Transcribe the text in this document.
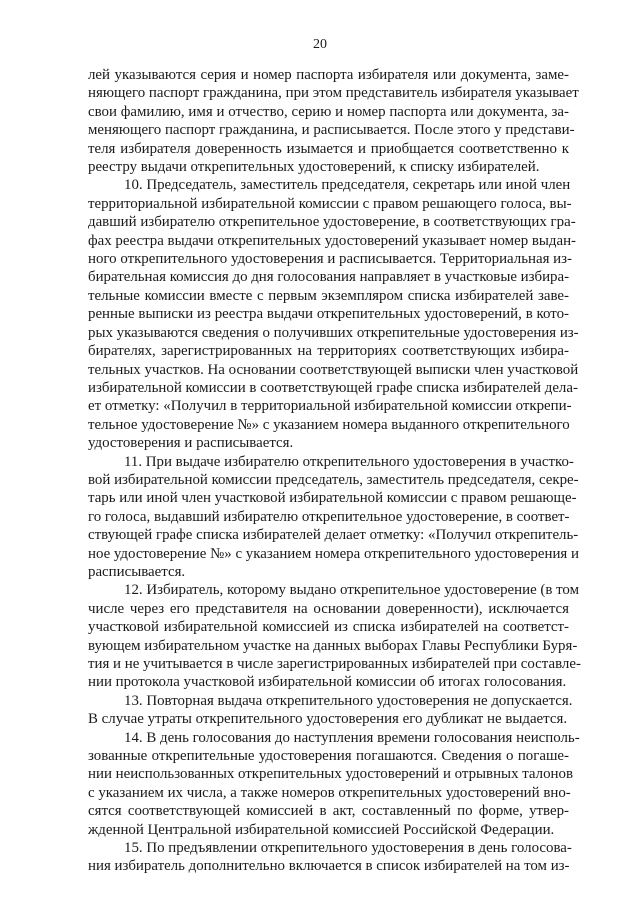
20
лей указываются серия и номер паспорта избирателя или документа, заме-
няющего паспорт гражданина, при этом представитель избирателя указывает
свои фамилию, имя и отчество, серию и номер паспорта или документа, за-
меняющего паспорт гражданина, и расписывается. После этого у представи-
теля избирателя доверенность изымается и приобщается соответственно к
реестру выдачи открепительных удостоверений, к списку избирателей.
10. Председатель, заместитель председателя, секретарь или иной член
территориальной избирательной комиссии с правом решающего голоса, вы-
давший избирателю открепительное удостоверение, в соответствующих гра-
фах реестра выдачи открепительных удостоверений указывает номер выдан-
ного открепительного удостоверения и расписывается. Территориальная из-
бирательная комиссия до дня голосования направляет в участковые избира-
тельные комиссии вместе с первым экземпляром списка избирателей заве-
ренные выписки из реестра выдачи открепительных удостоверений, в кото-
рых указываются сведения о получивших открепительные удостоверения из-
бирателях, зарегистрированных на территориях соответствующих избира-
тельных участков. На основании соответствующей выписки член участковой
избирательной комиссии в соответствующей графе списка избирателей дела-
ет отметку: «Получил в территориальной избирательной комиссии открепи-
тельное удостоверение №» с указанием номера выданного открепительного
удостоверения и расписывается.
11. При выдаче избирателю открепительного удостоверения в участко-
вой избирательной комиссии председатель, заместитель председателя, секре-
тарь или иной член участковой избирательной комиссии с правом решающе-
го голоса, выдавший избирателю открепительное удостоверение, в соответ-
ствующей графе списка избирателей делает отметку: «Получил открепитель-
ное удостоверение №» с указанием номера открепительного удостоверения и
расписывается.
12. Избиратель, которому выдано открепительное удостоверение (в том
числе через его представителя на основании доверенности), исключается
участковой избирательной комиссией из списка избирателей на соответст-
вующем избирательном участке на данных выборах Главы Республики Буря-
тия и не учитывается в числе зарегистрированных избирателей при составле-
нии протокола участковой избирательной комиссии об итогах голосования.
13. Повторная выдача открепительного удостоверения не допускается.
В случае утраты открепительного удостоверения его дубликат не выдается.
14. В день голосования до наступления времени голосования неисполь-
зованные открепительные удостоверения погашаются. Сведения о погаше-
нии неиспользованных открепительных удостоверений и отрывных талонов
с указанием их числа, а также номеров открепительных удостоверений вно-
сятся соответствующей комиссией в акт, составленный по форме, утвер-
жденной Центральной избирательной комиссией Российской Федерации.
15. По предъявлении открепительного удостоверения в день голосова-
ния избиратель дополнительно включается в список избирателей на том из-
